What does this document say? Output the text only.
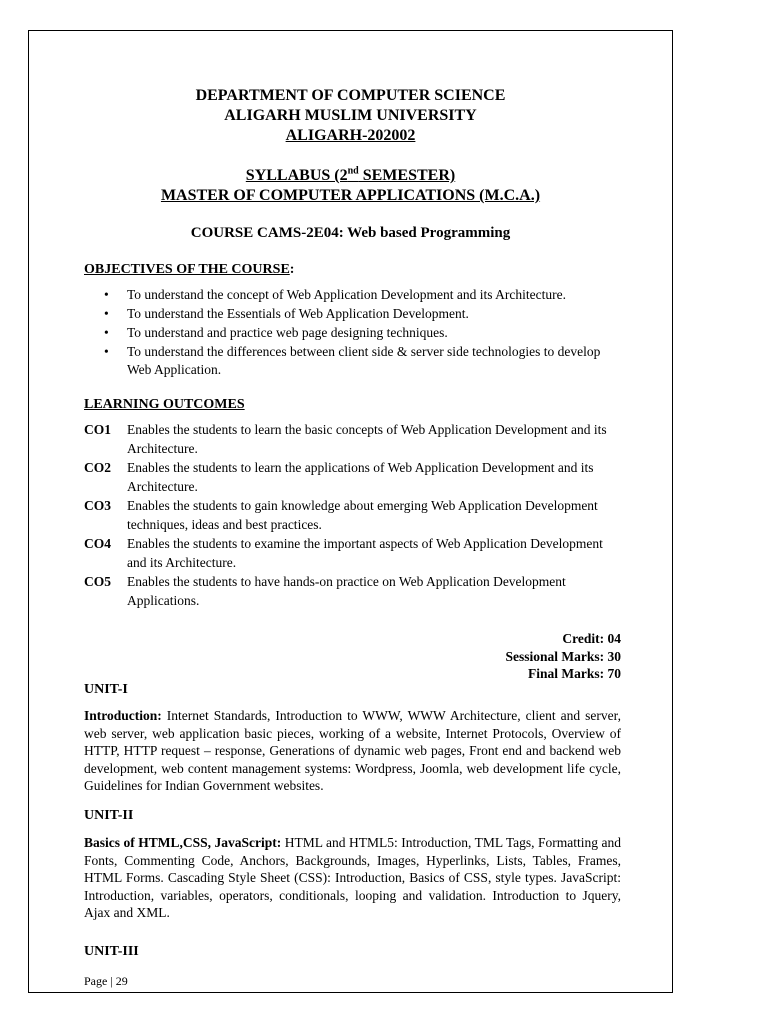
DEPARTMENT OF COMPUTER SCIENCE
ALIGARH MUSLIM UNIVERSITY
ALIGARH-202002
SYLLABUS (2nd SEMESTER)
MASTER OF COMPUTER APPLICATIONS (M.C.A.)
COURSE CAMS-2E04: Web based Programming
OBJECTIVES OF THE COURSE:
• To understand the concept of Web Application Development and its Architecture.
• To understand the Essentials of Web Application Development.
• To understand and practice web page designing techniques.
• To understand the differences between client side & server side technologies to develop Web Application.
LEARNING OUTCOMES
CO1	Enables the students to learn the basic concepts of Web Application Development and its Architecture.
CO2	Enables the students to learn the applications of Web Application Development and its Architecture.
CO3	Enables the students to gain knowledge about emerging Web Application Development techniques, ideas and best practices.
CO4	Enables the students to examine the important aspects of Web Application Development and its Architecture.
CO5	Enables the students to have hands-on practice on Web Application Development Applications.
Credit: 04
Sessional Marks: 30
Final Marks: 70
UNIT-I
Introduction: Internet Standards, Introduction to WWW, WWW Architecture, client and server, web server, web application basic pieces, working of a website, Internet Protocols, Overview of HTTP, HTTP request – response, Generations of dynamic web pages, Front end and backend web development, web content management systems: Wordpress, Joomla, web development life cycle, Guidelines for Indian Government websites.
UNIT-II
Basics of HTML,CSS, JavaScript: HTML and HTML5: Introduction, TML Tags, Formatting and Fonts, Commenting Code, Anchors, Backgrounds, Images, Hyperlinks, Lists, Tables, Frames, HTML Forms. Cascading Style Sheet (CSS): Introduction, Basics of CSS, style types. JavaScript: Introduction, variables, operators, conditionals, looping and validation. Introduction to Jquery, Ajax and XML.
UNIT-III
Page | 29
